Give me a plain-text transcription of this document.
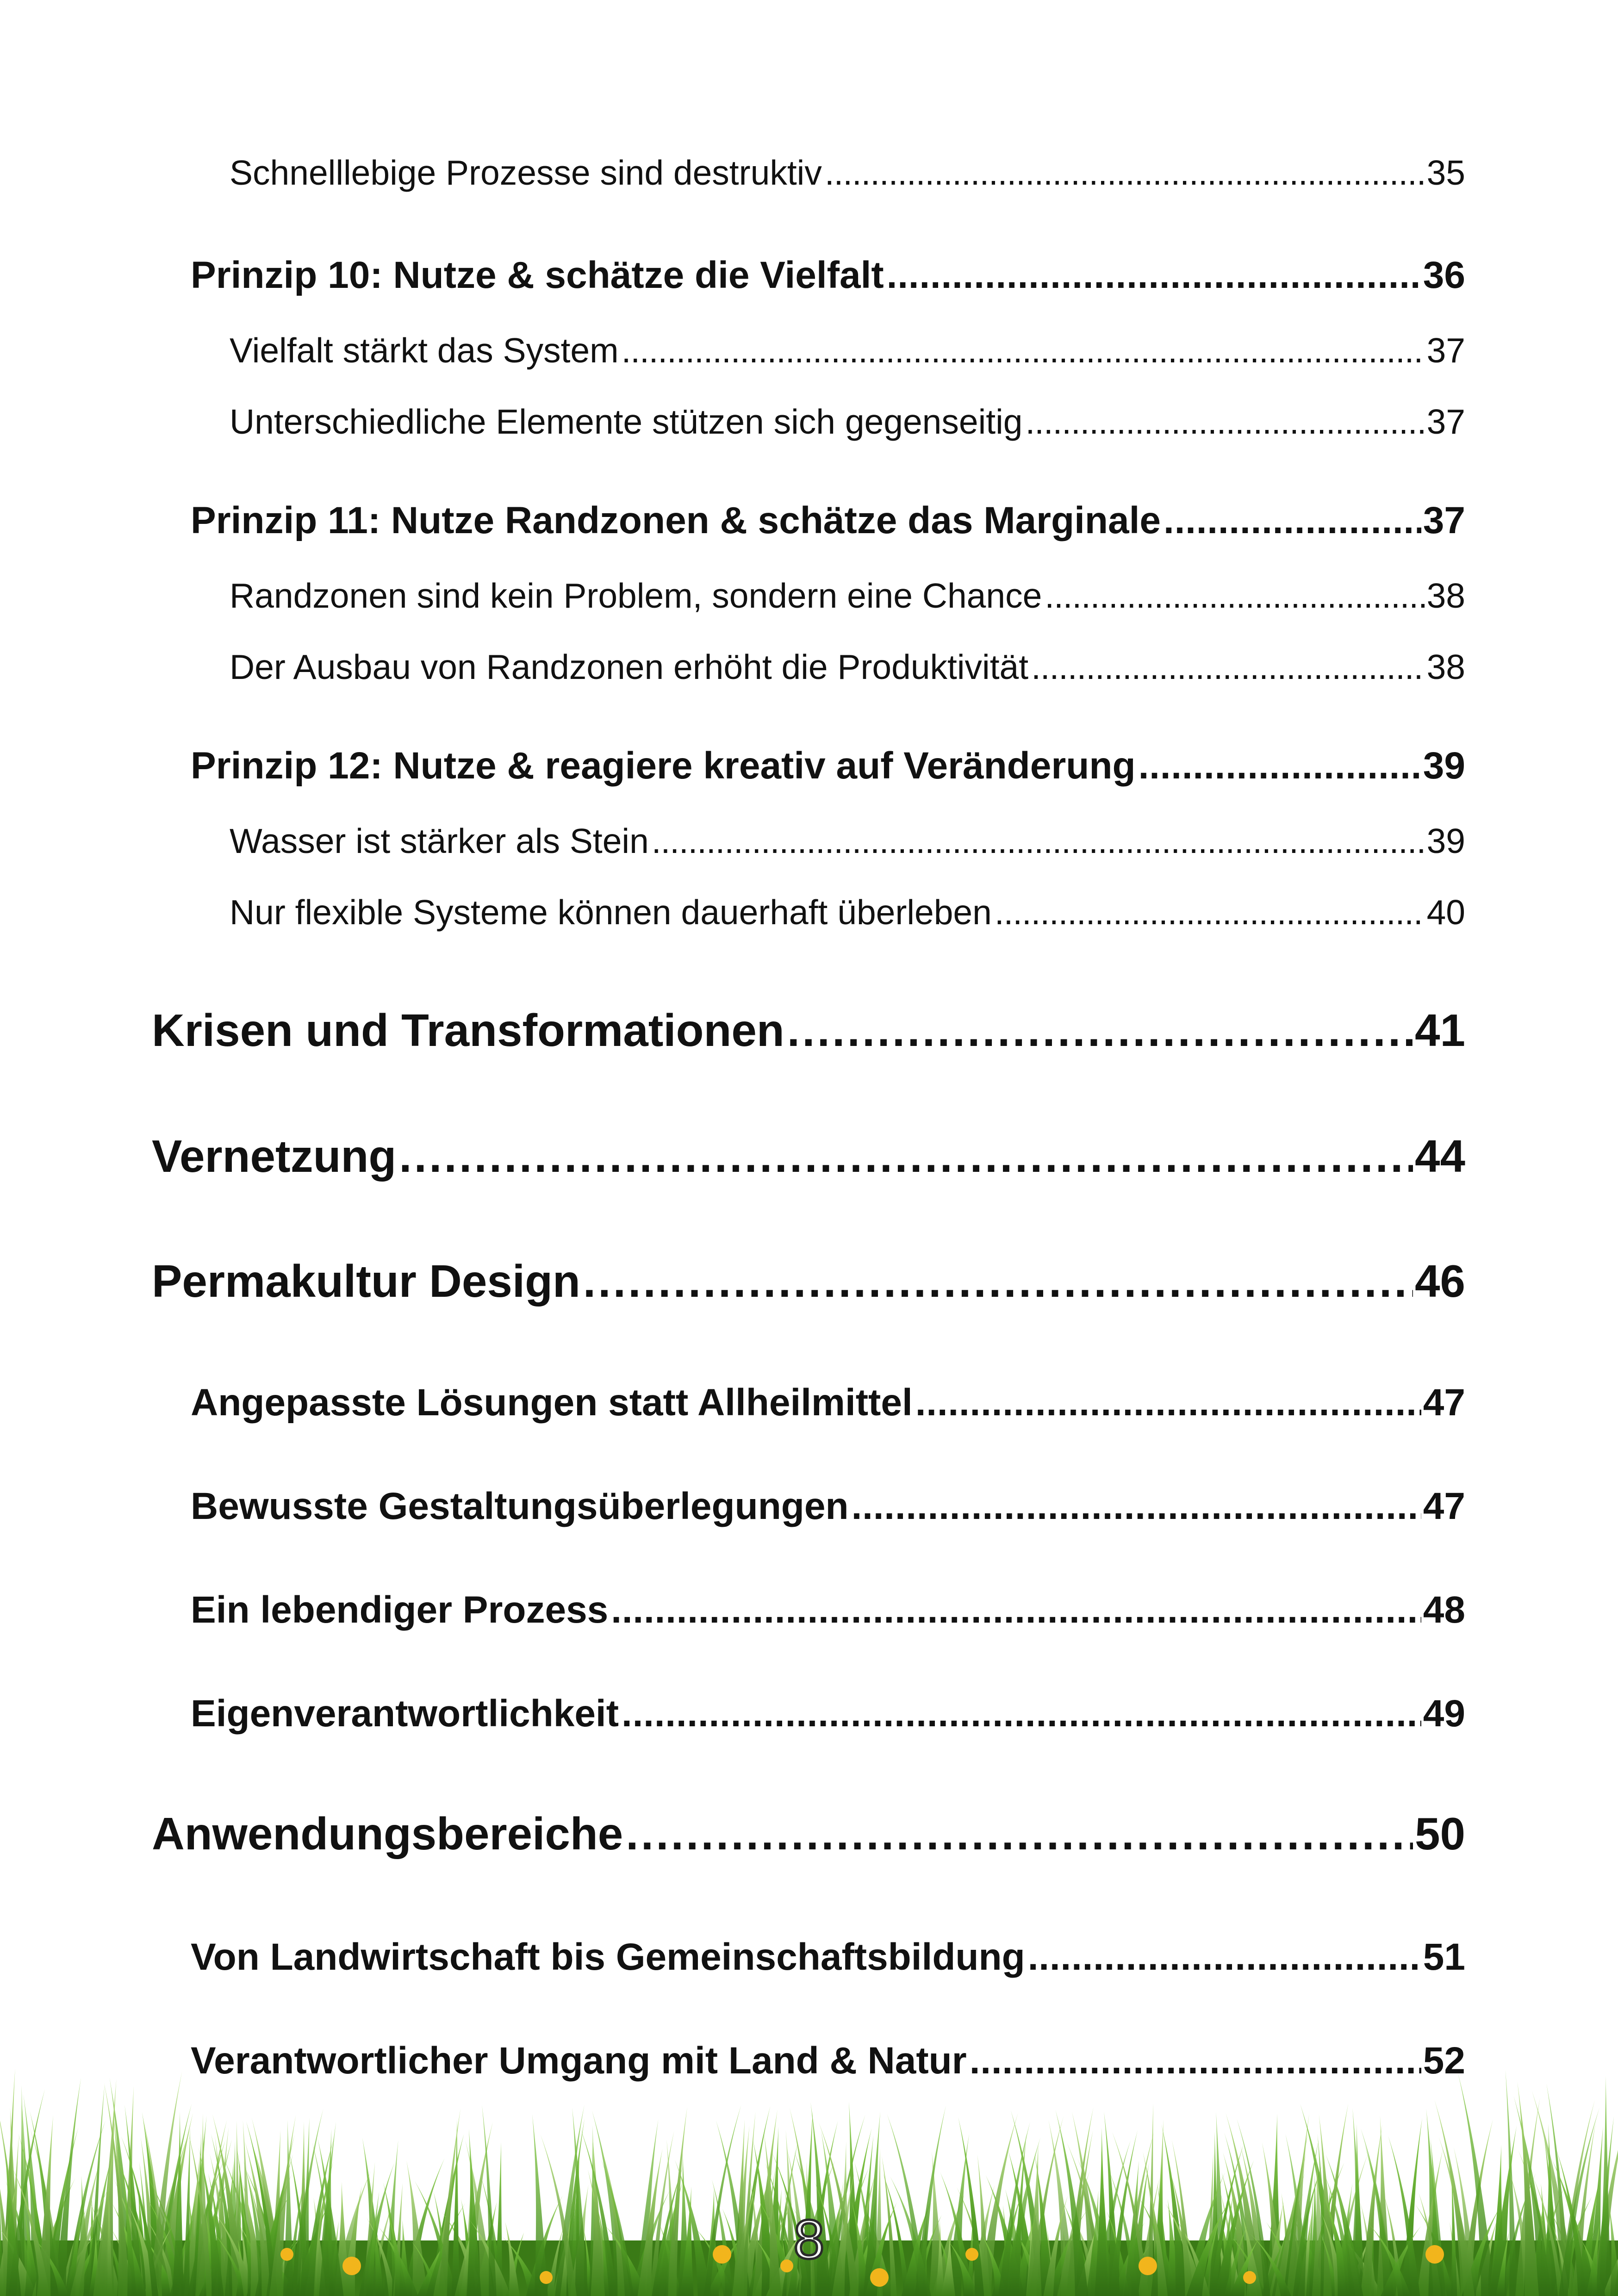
Schnelllebige Prozesse sind destruktiv . . .	35
Prinzip 10: Nutze & schätze die Vielfalt . . .	36
Vielfalt stärkt das System . . .	37
Unterschiedliche Elemente stützen sich gegenseitig . . .	37
Prinzip 11: Nutze Randzonen & schätze das Marginale . . .	37
Randzonen sind kein Problem, sondern eine Chance . . .	38
Der Ausbau von Randzonen erhöht die Produktivität . . .	38
Prinzip 12: Nutze & reagiere kreativ auf Veränderung . . .	39
Wasser ist stärker als Stein . . .	39
Nur flexible Systeme können dauerhaft überleben . . .	40
Krisen und Transformationen . . .	41
Vernetzung . . .	44
Permakultur Design . . .	46
Angepasste Lösungen statt Allheilmittel . . .	47
Bewusste Gestaltungsüberlegungen . . .	47
Ein lebendiger Prozess . . .	48
Eigenverantwortlichkeit . . .	49
Anwendungsbereiche . . .	50
Von Landwirtschaft bis Gemeinschaftsbildung . . .	51
Verantwortlicher Umgang mit Land & Natur . . .	52
8
